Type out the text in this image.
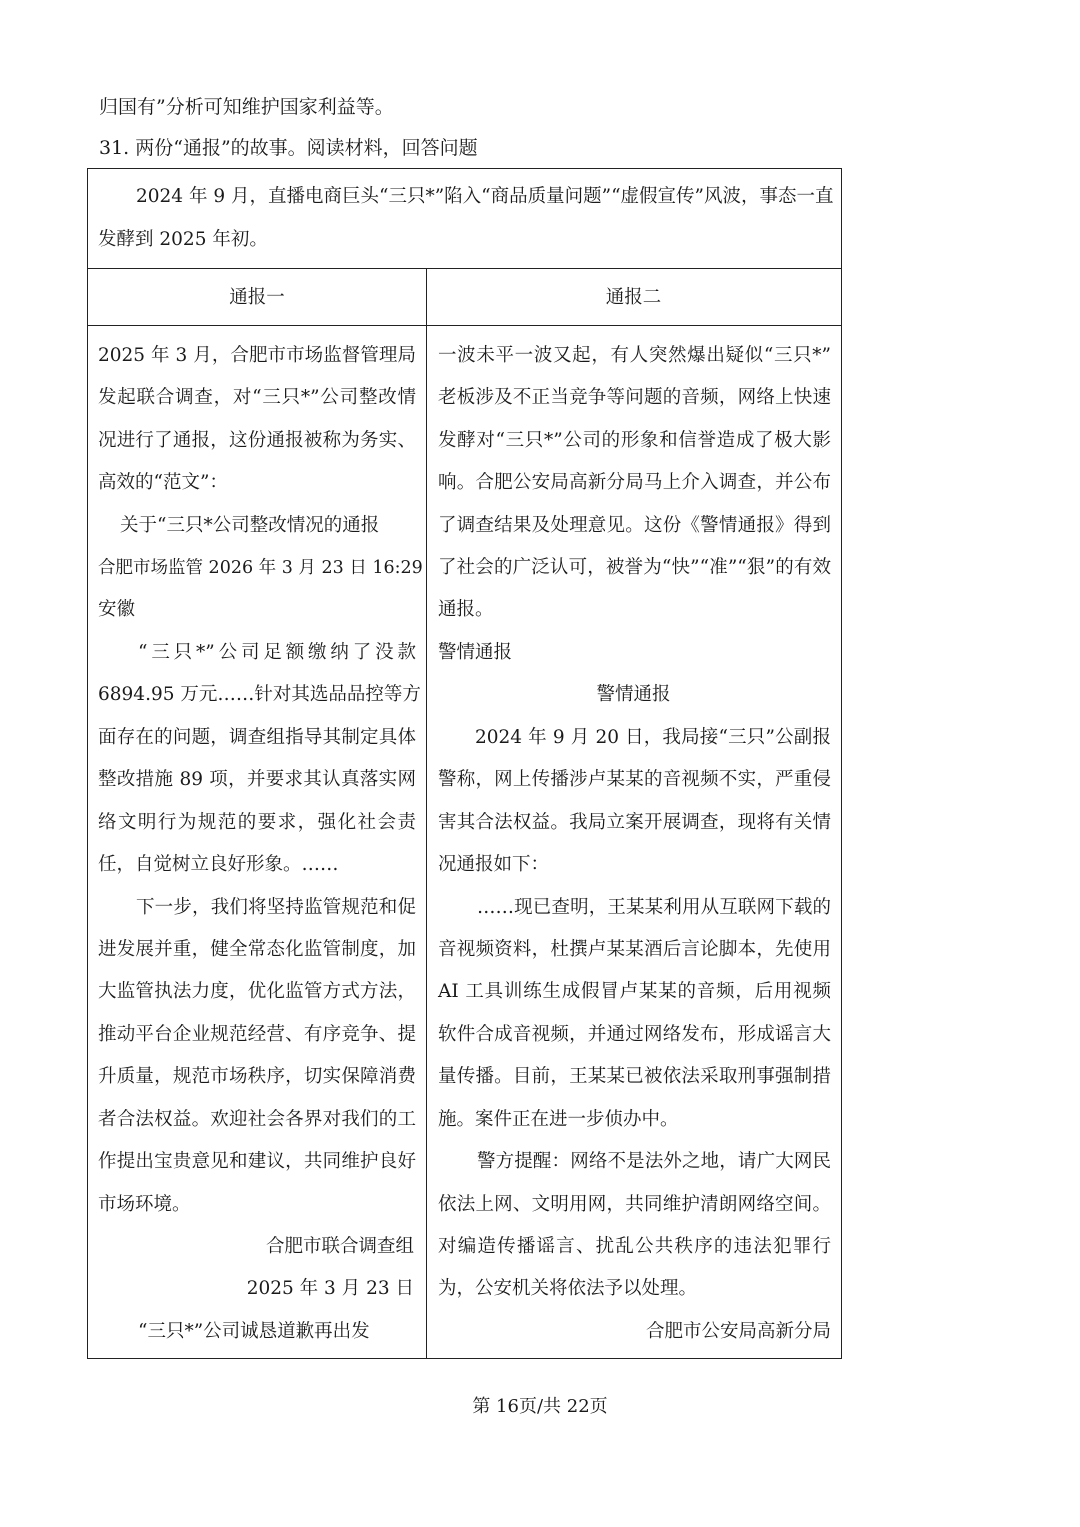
归国有”分析可知维护国家利益等。
31. 两份“通报”的故事。阅读材料，回答问题
2024 年 9 月，直播电商巨头“三只*”陷入“商品质量问题”“虚假宣传”风波，事态一直
发酵到 2025 年初。
通报一	通报二
2025 年 3 月，合肥市市场监督管理局
发起联合调查，对“三只*”公司整改情
况进行了通报，这份通报被称为务实、
高效的“范文”：
关于“三只*公司整改情况的通报
合肥市场监管 2026 年 3 月 23 日 16:29
安徽
“三只*”公司足额缴纳了没款
6894.95 万元……针对其选品品控等方
面存在的问题，调查组指导其制定具体
整改措施 89 项，并要求其认真落实网
络文明行为规范的要求，强化社会责
任，自觉树立良好形象。……
下一步，我们将坚持监管规范和促
进发展并重，健全常态化监管制度，加
大监管执法力度，优化监管方式方法，
推动平台企业规范经营、有序竞争、提
升质量，规范市场秩序，切实保障消费
者合法权益。欢迎社会各界对我们的工
作提出宝贵意见和建议，共同维护良好
市场环境。
合肥市联合调查组
2025 年 3 月 23 日
“三只*”公司诚恳道歉再出发
一波未平一波又起，有人突然爆出疑似“三只*”
老板涉及不正当竞争等问题的音频，网络上快速
发酵对“三只*”公司的形象和信誉造成了极大影
响。合肥公安局高新分局马上介入调查，并公布
了调查结果及处理意见。这份《警情通报》得到
了社会的广泛认可，被誉为“快”“准”“狠”的有效
通报。
警情通报
警情通报
2024 年 9 月 20 日，我局接“三只”公副报
警称，网上传播涉卢某某的音视频不实，严重侵
害其合法权益。我局立案开展调查，现将有关情
况通报如下：
……现已查明，王某某利用从互联网下载的
音视频资料，杜撰卢某某酒后言论脚本，先使用
AI 工具训练生成假冒卢某某的音频，后用视频
软件合成音视频，并通过网络发布，形成谣言大
量传播。目前，王某某已被依法采取刑事强制措
施。案件正在进一步侦办中。
警方提醒：网络不是法外之地，请广大网民
依法上网、文明用网，共同维护清朗网络空间。
对编造传播谣言、扰乱公共秩序的违法犯罪行
为，公安机关将依法予以处理。
合肥市公安局高新分局
第 16页/共 22页
